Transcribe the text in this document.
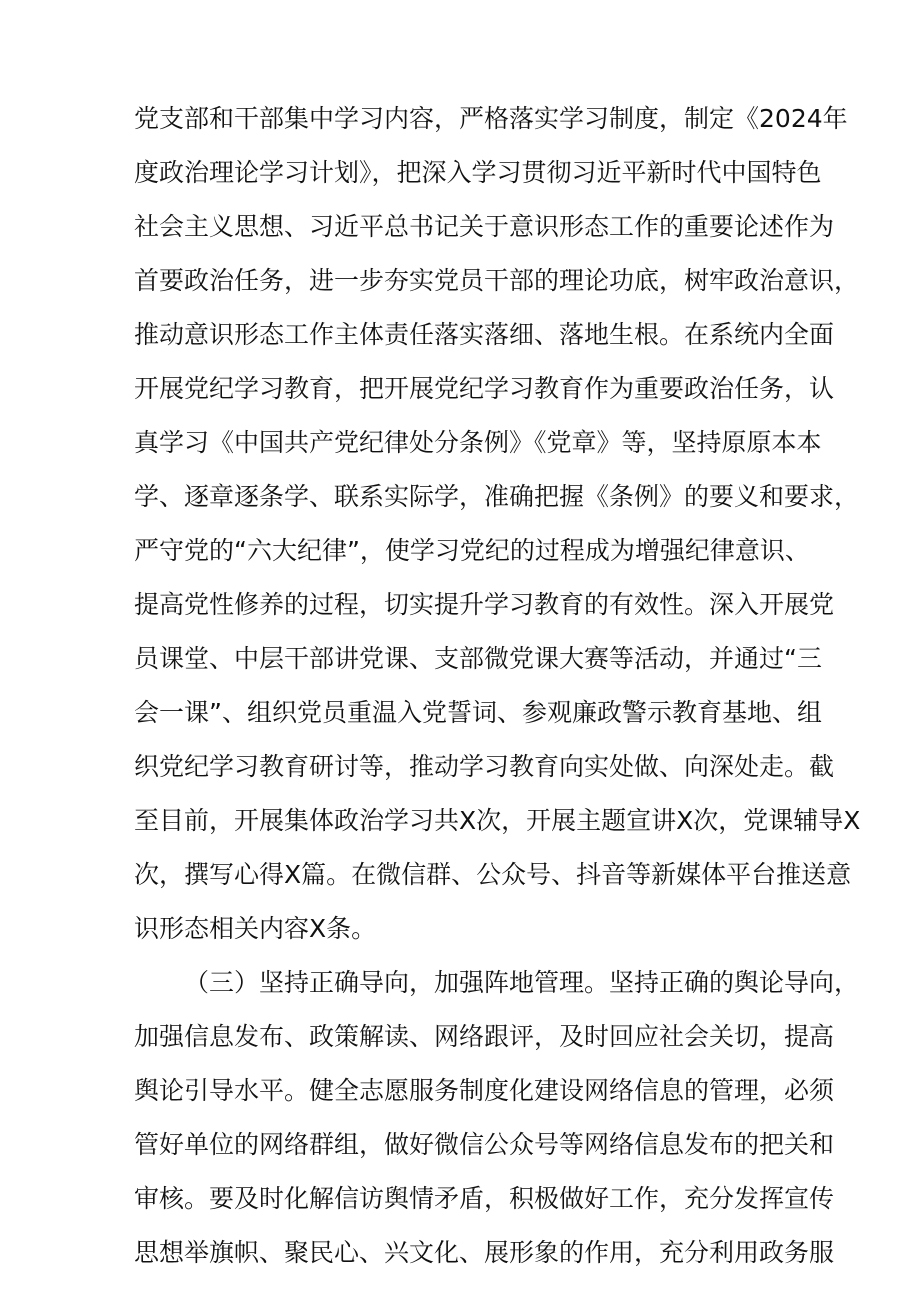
党支部和干部集中学习内容，严格落实学习制度，制定《2024年
度政治理论学习计划》，把深入学习贯彻习近平新时代中国特色
社会主义思想、习近平总书记关于意识形态工作的重要论述作为
首要政治任务，进一步夯实党员干部的理论功底，树牢政治意识，
推动意识形态工作主体责任落实落细、落地生根。在系统内全面
开展党纪学习教育，把开展党纪学习教育作为重要政治任务，认
真学习《中国共产党纪律处分条例》《党章》等，坚持原原本本
学、逐章逐条学、联系实际学，准确把握《条例》的要义和要求，
严守党的“六大纪律”，使学习党纪的过程成为增强纪律意识、
提高党性修养的过程，切实提升学习教育的有效性。深入开展党
员课堂、中层干部讲党课、支部微党课大赛等活动，并通过“三
会一课”、组织党员重温入党誓词、参观廉政警示教育基地、组
织党纪学习教育研讨等，推动学习教育向实处做、向深处走。截
至目前，开展集体政治学习共X次，开展主题宣讲X次，党课辅导X
次，撰写心得X篇。在微信群、公众号、抖音等新媒体平台推送意
识形态相关内容X条。
（三）坚持正确导向，加强阵地管理。坚持正确的舆论导向，
加强信息发布、政策解读、网络跟评，及时回应社会关切，提高
舆论引导水平。健全志愿服务制度化建设网络信息的管理，必须
管好单位的网络群组，做好微信公众号等网络信息发布的把关和
审核。要及时化解信访舆情矛盾，积极做好工作，充分发挥宣传
思想举旗帜、聚民心、兴文化、展形象的作用，充分利用政务服
